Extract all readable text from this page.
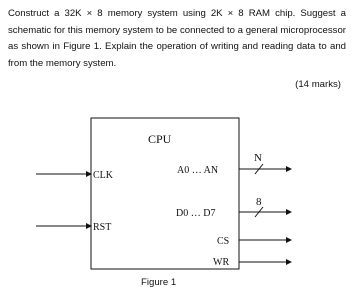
Construct a 32K × 8 memory system using 2K × 8 RAM chip. Suggest a schematic for this memory system to be connected to a general microprocessor as shown in Figure 1. Explain the operation of writing and reading data to and from the memory system.
(14 marks)
CPU
CLK
RST
A0 … AN
N
D0 … D7
8
CS
WR
Figure 1
